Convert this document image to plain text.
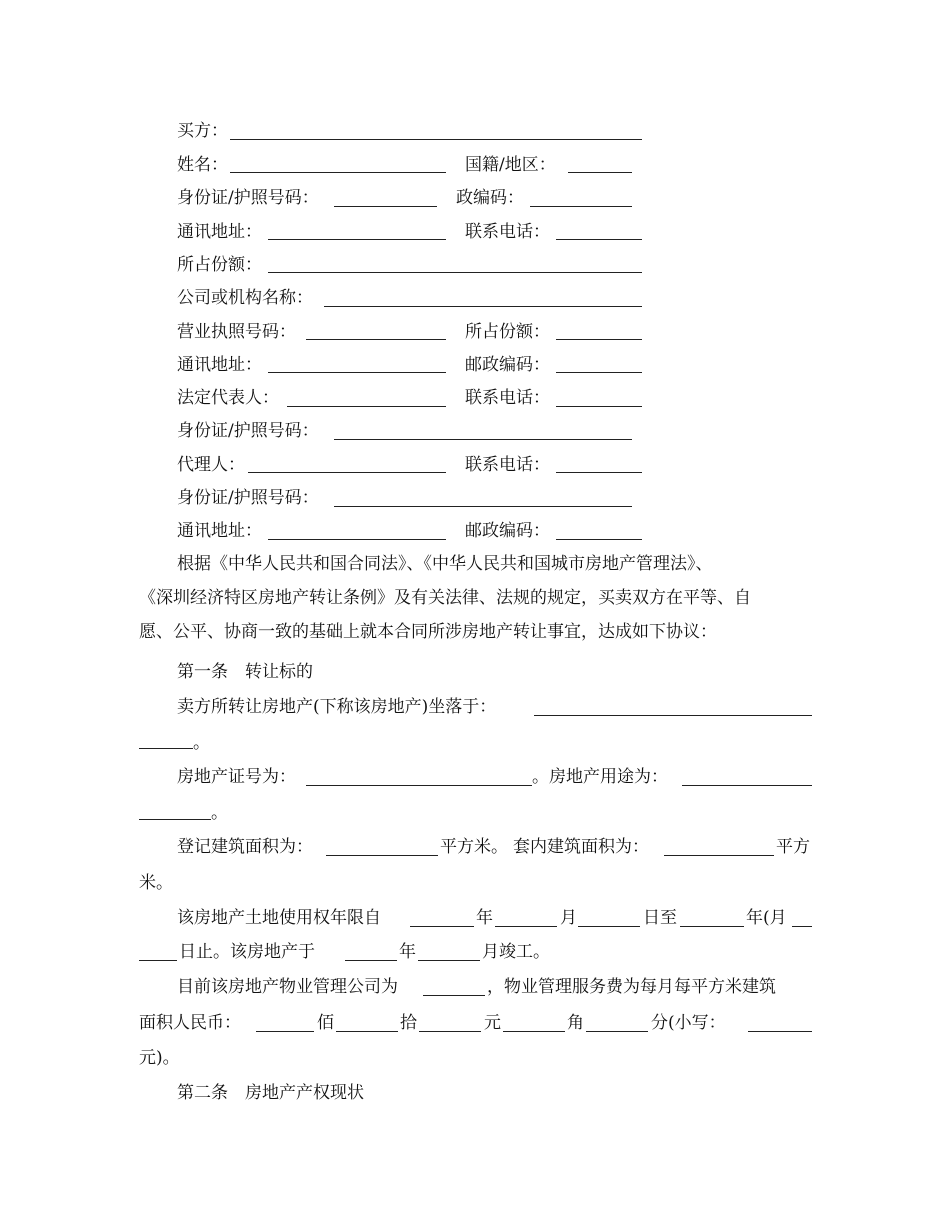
买方：
姓名：	国籍/地区：
身份证/护照号码：	政编码：
通讯地址：	联系电话：
所占份额：
公司或机构名称：
营业执照号码：	所占份额：
通讯地址：	邮政编码：
法定代表人：	联系电话：
身份证/护照号码：
代理人：	联系电话：
身份证/护照号码：
通讯地址：	邮政编码：
根据《中华人民共和国合同法》、《中华人民共和国城市房地产管理法》、
《深圳经济特区房地产转让条例》及有关法律、法规的规定，买卖双方在平等、自
愿、公平、协商一致的基础上就本合同所涉房地产转让事宜，达成如下协议：
第一条　转让标的
卖方所转让房地产(下称该房地产)坐落于：
。
房地产证号为：	。房地产用途为：
。
登记建筑面积为：	平方米。 套内建筑面积为：	平方
米。
该房地产土地使用权年限自	年	月	日至	年(月
日止。该房地产于	年	月竣工。
目前该房地产物业管理公司为	，物业管理服务费为每月每平方米建筑
面积人民币：	佰	拾	元	角	分(小写：
元)。
第二条　房地产产权现状
